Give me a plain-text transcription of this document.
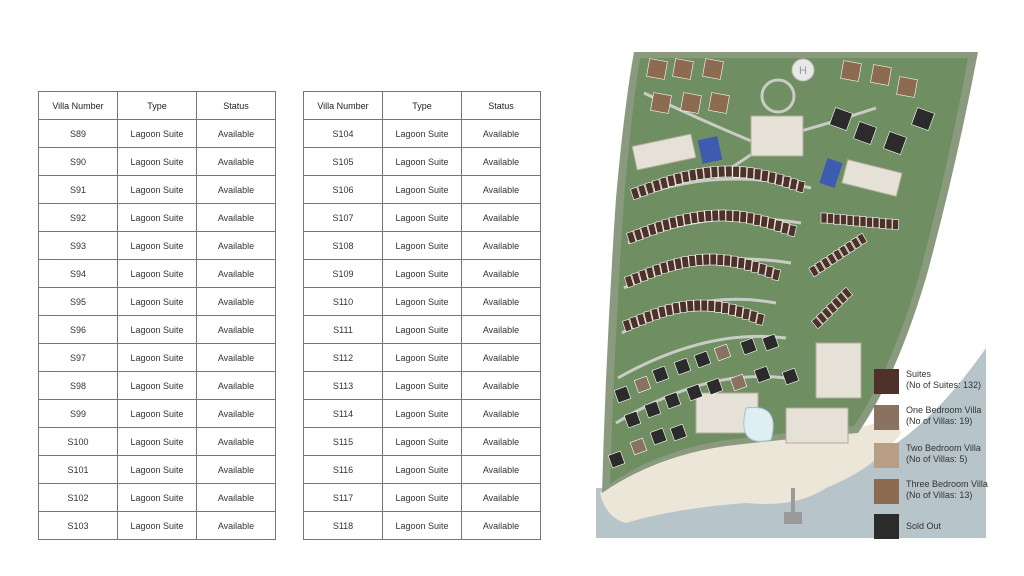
Villa Number	Type	Status
S89	Lagoon Suite	Available
S90	Lagoon Suite	Available
S91	Lagoon Suite	Available
S92	Lagoon Suite	Available
S93	Lagoon Suite	Available
S94	Lagoon Suite	Available
S95	Lagoon Suite	Available
S96	Lagoon Suite	Available
S97	Lagoon Suite	Available
S98	Lagoon Suite	Available
S99	Lagoon Suite	Available
S100	Lagoon Suite	Available
S101	Lagoon Suite	Available
S102	Lagoon Suite	Available
S103	Lagoon Suite	Available
Villa Number	Type	Status
S104	Lagoon Suite	Available
S105	Lagoon Suite	Available
S106	Lagoon Suite	Available
S107	Lagoon Suite	Available
S108	Lagoon Suite	Available
S109	Lagoon Suite	Available
S110	Lagoon Suite	Available
S111	Lagoon Suite	Available
S112	Lagoon Suite	Available
S113	Lagoon Suite	Available
S114	Lagoon Suite	Available
S115	Lagoon Suite	Available
S116	Lagoon Suite	Available
S117	Lagoon Suite	Available
S118	Lagoon Suite	Available
H
Suites
(No of Suites: 132)
One Bedroom Villa
(No of Villas: 19)
Two Bedroom Villa
(No of Villas: 5)
Three Bedroom Villa
(No of Villas: 13)
Sold Out
